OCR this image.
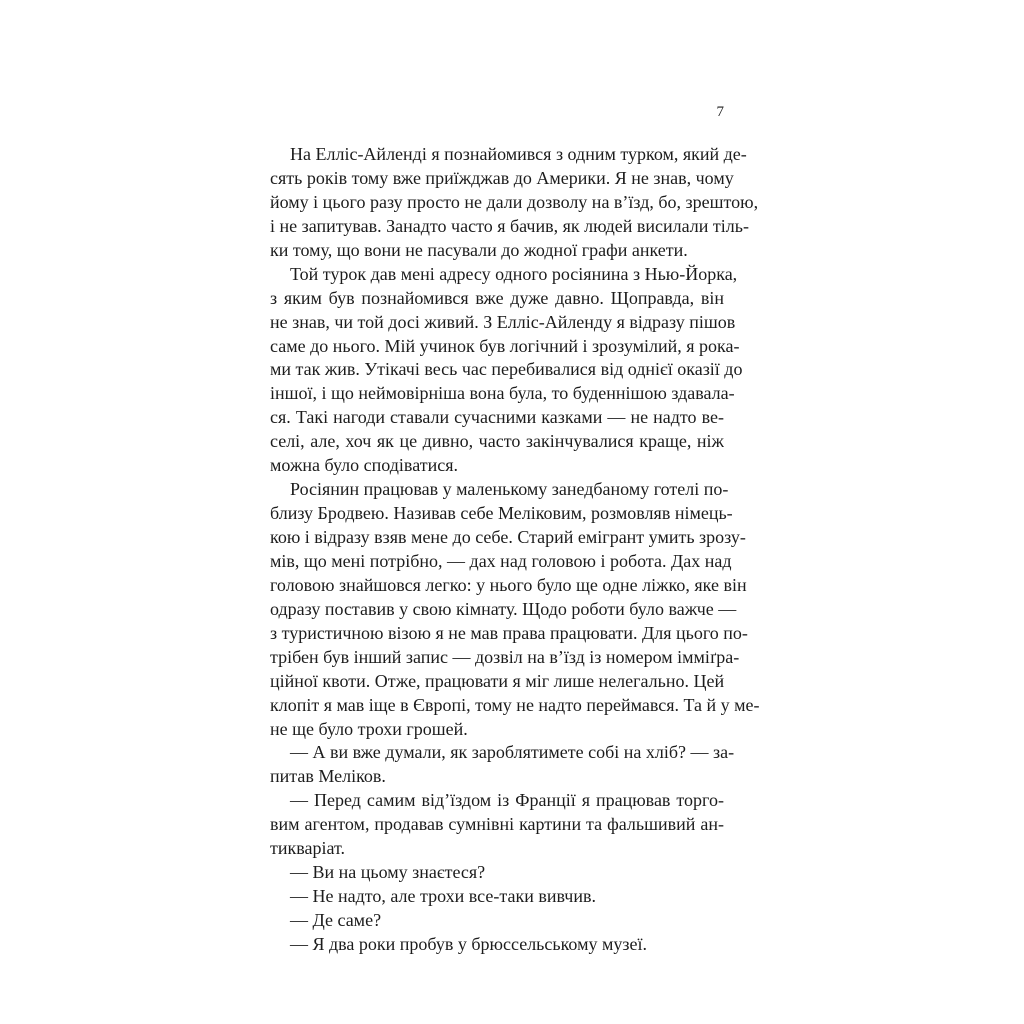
7
На Елліс-Айленді я познайомився з одним турком, який де-
сять років тому вже приїжджав до Америки. Я не знав, чому
йому і цього разу просто не дали дозволу на в’їзд, бо, зрештою,
і не запитував. Занадто часто я бачив, як людей висилали тіль-
ки тому, що вони не пасували до жодної графи анкети.
Той турок дав мені адресу одного росіянина з Нью-Йорка,
з яким був познайомився вже дуже давно. Щоправда, він
не знав, чи той досі живий. З Елліс-Айленду я відразу пішов
саме до нього. Мій учинок був логічний і зрозумілий, я рока-
ми так жив. Утікачі весь час перебивалися від однієї оказії до
іншої, і що неймовірніша вона була, то буденнішою здавала-
ся. Такі нагоди ставали сучасними казками — не надто ве-
селі, але, хоч як це дивно, часто закінчувалися краще, ніж
можна було сподіватися.
Росіянин працював у маленькому занедбаному готелі по-
близу Бродвею. Називав себе Меліковим, розмовляв німець-
кою і відразу взяв мене до себе. Старий емігрант умить зрозу-
мів, що мені потрібно, — дах над головою і робота. Дах над
головою знайшовся легко: у нього було ще одне ліжко, яке він
одразу поставив у свою кімнату. Щодо роботи було важче —
з туристичною візою я не мав права працювати. Для цього по-
трібен був інший запис — дозвіл на в’їзд із номером імміґра-
ційної квоти. Отже, працювати я міг лише нелегально. Цей
клопіт я мав іще в Європі, тому не надто переймався. Та й у ме-
не ще було трохи грошей.
— А ви вже думали, як зароблятимете собі на хліб? — за-
питав Меліков.
— Перед самим від’їздом із Франції я працював торго-
вим агентом, продавав сумнівні картини та фальшивий ан-
тикваріат.
— Ви на цьому знаєтеся?
— Не надто, але трохи все-таки вивчив.
— Де саме?
— Я два роки пробув у брюссельському музеї.
